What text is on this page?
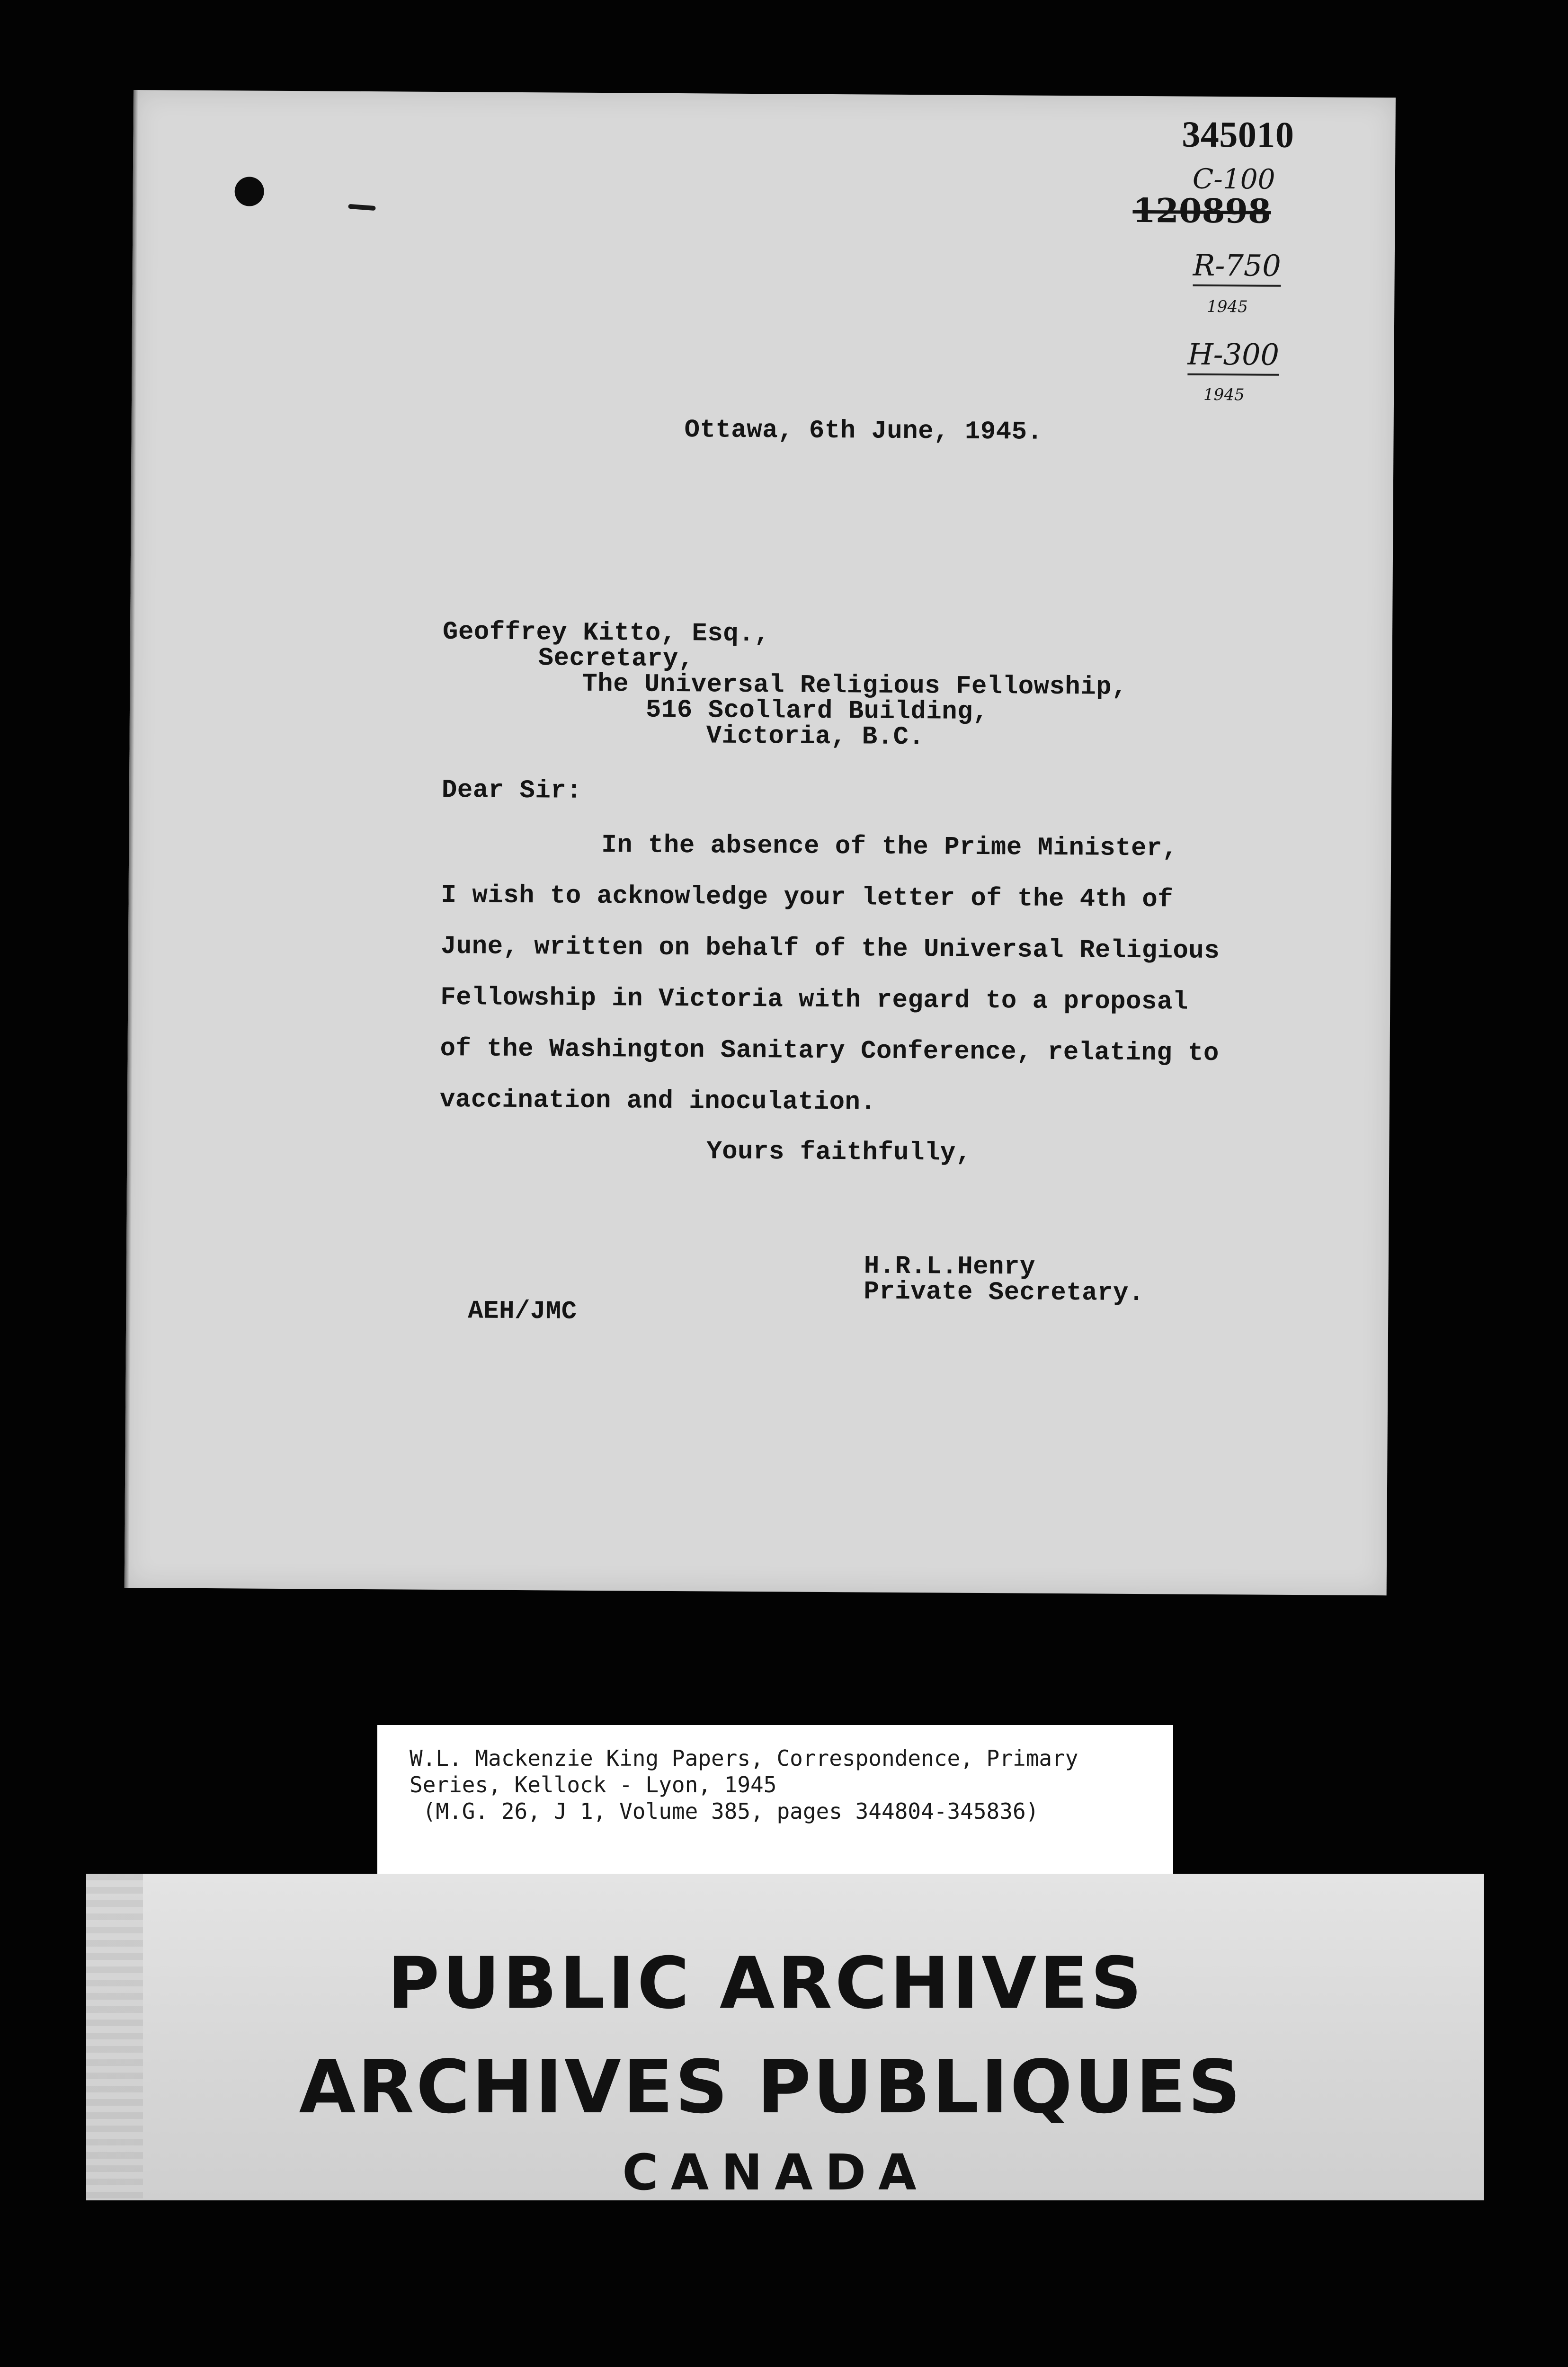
345010
C-100
120898
R-750
1945
H-300
1945
Ottawa, 6th June, 1945.
Geoffrey Kitto, Esq.,
Secretary,
The Universal Religious Fellowship,
516 Scollard Building,
Victoria, B.C.
Dear Sir:
In the absence of the Prime Minister,
I wish to acknowledge your letter of the 4th of
June, written on behalf of the Universal Religious
Fellowship in Victoria with regard to a proposal
of the Washington Sanitary Conference, relating to
vaccination and inoculation.
Yours faithfully,
H.R.L.Henry
Private Secretary.
AEH/JMC
W.L. Mackenzie King Papers, Correspondence, Primary
Series, Kellock - Lyon, 1945
(M.G. 26, J 1, Volume 385, pages 344804-345836)
PUBLIC ARCHIVES
ARCHIVES PUBLIQUES
CANADA
